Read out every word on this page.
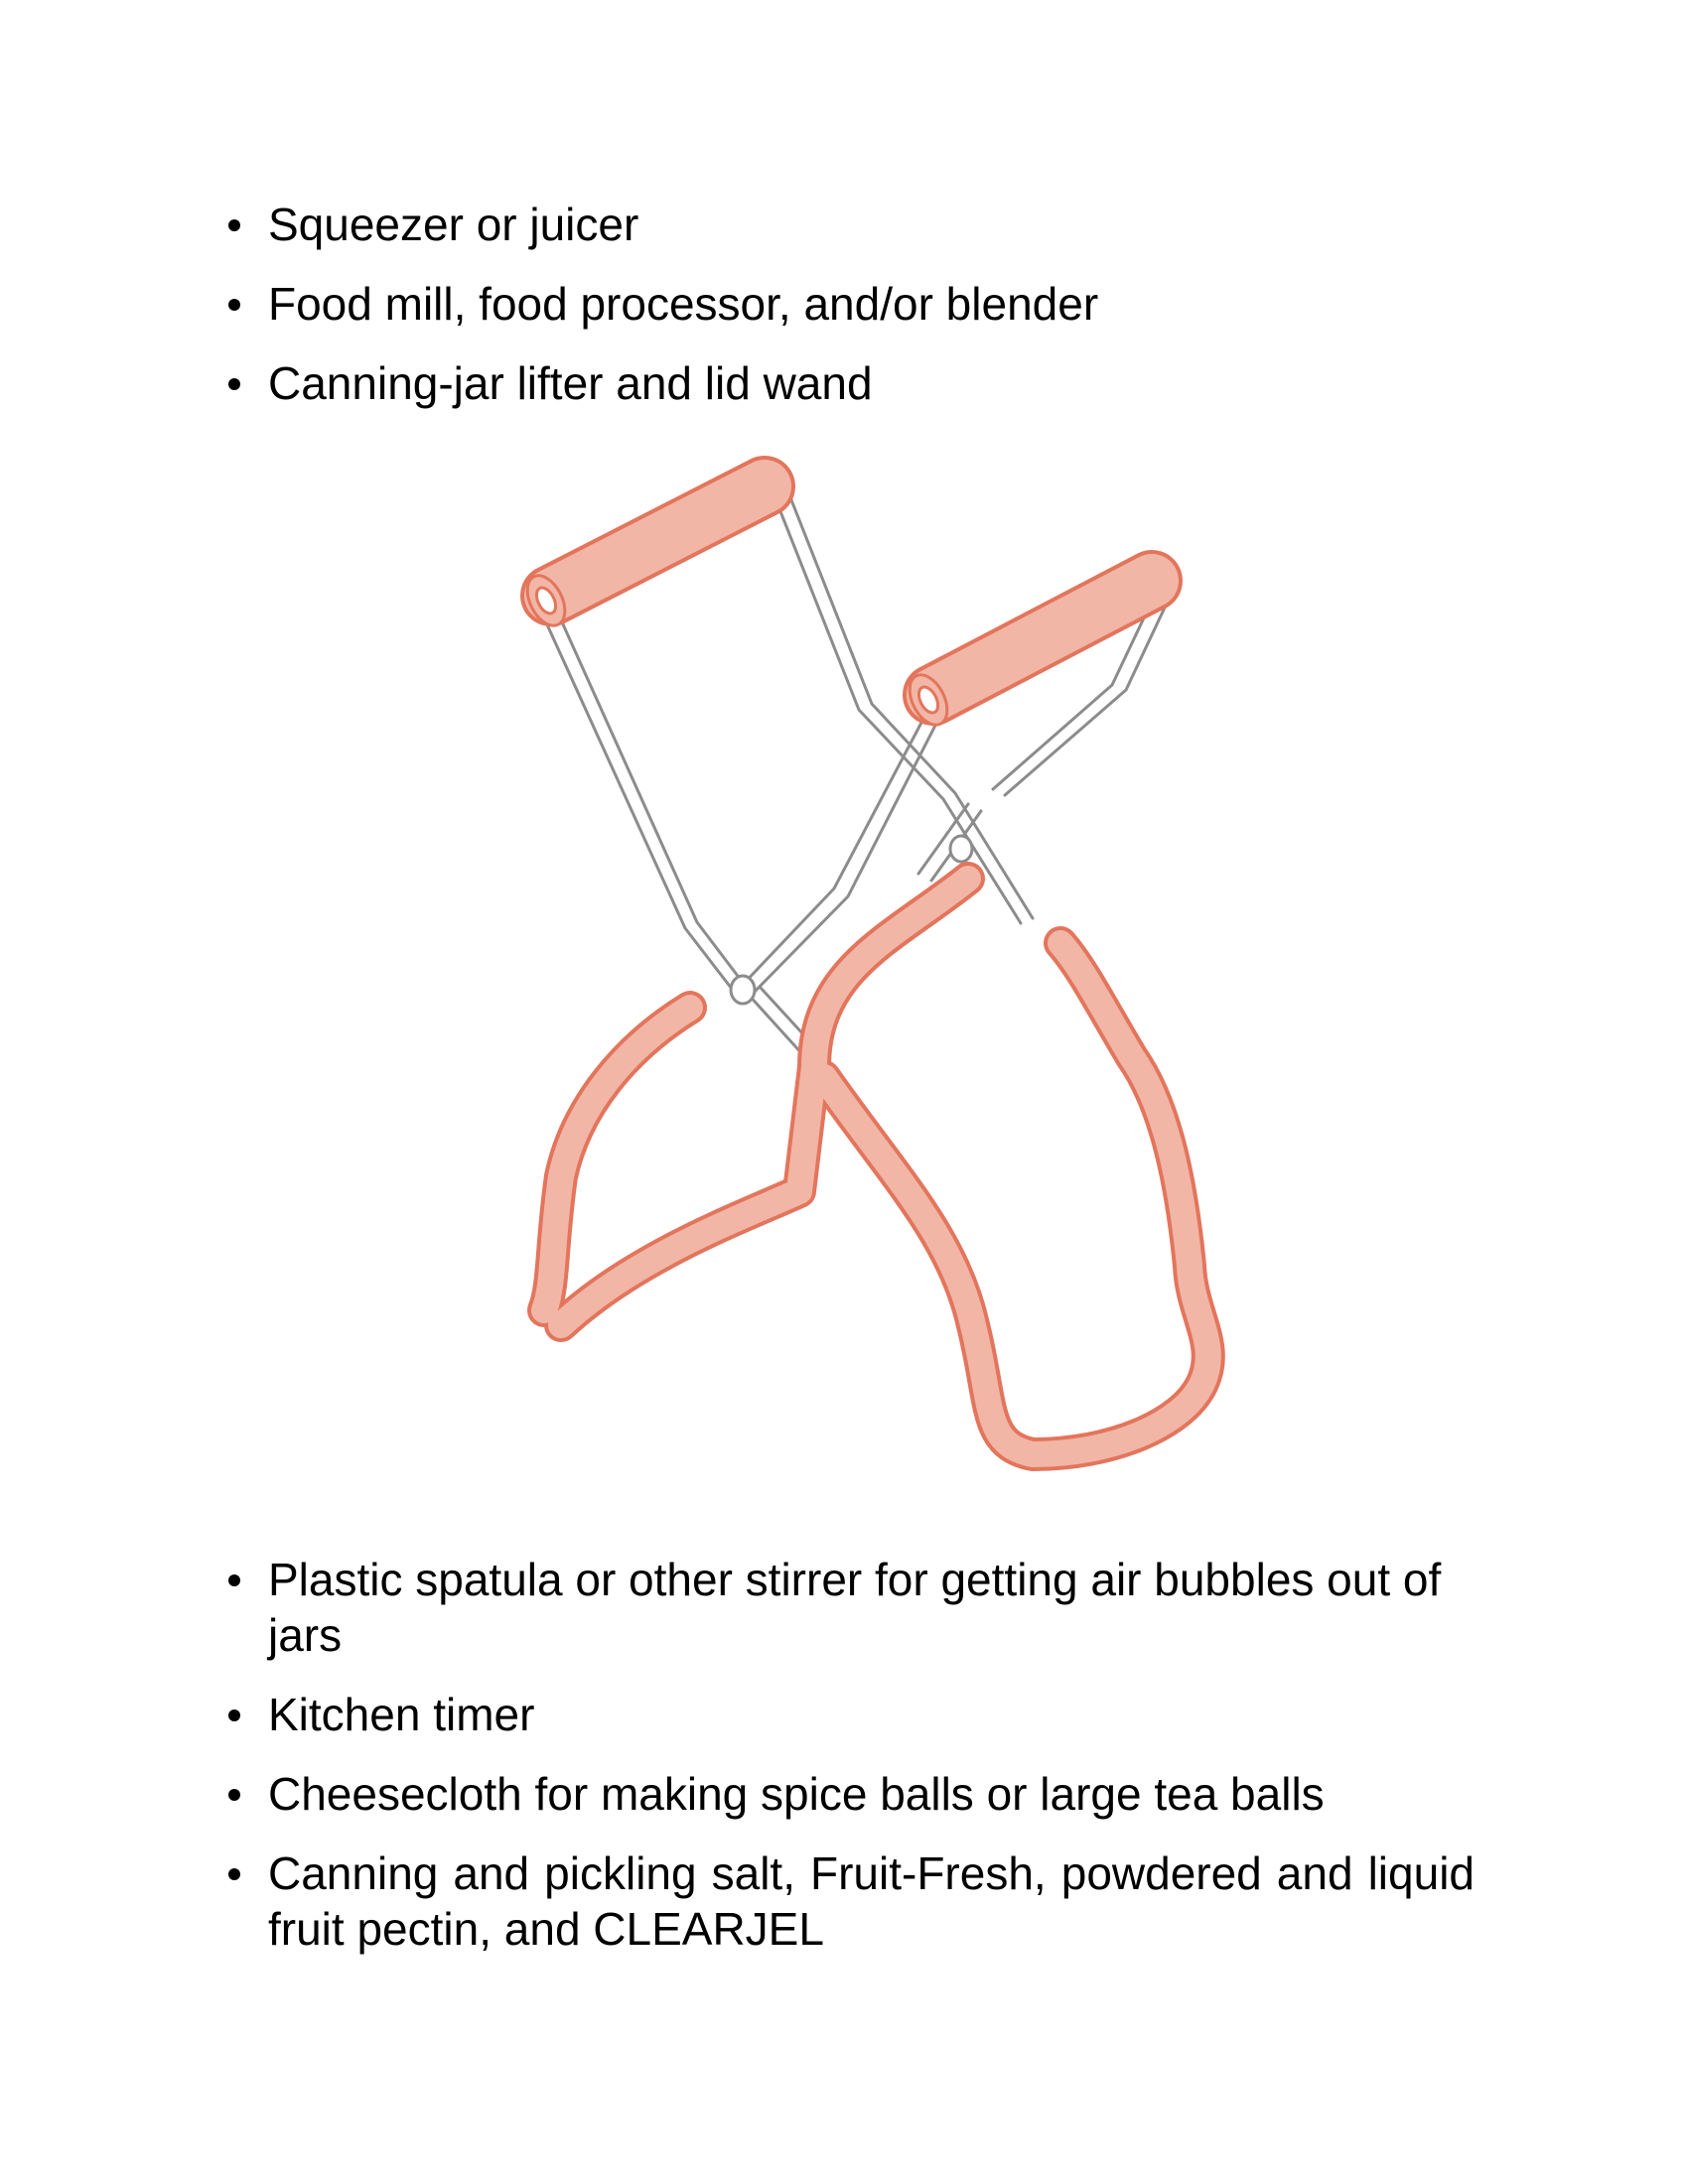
Squeezer or juicer
Food mill, food processor, and/or blender
Canning-jar lifter and lid wand
Plastic spatula or other stirrer for getting air bubbles out of jars
Kitchen timer
Cheesecloth for making spice balls or large tea balls
Canning and pickling salt, Fruit-Fresh, powdered and liquid fruit pectin, and CLEARJEL
